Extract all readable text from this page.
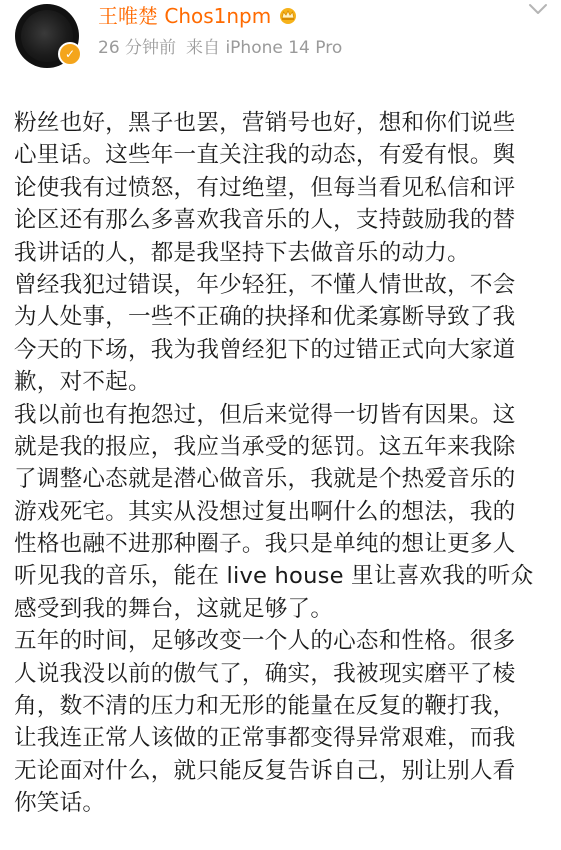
✓
王唯楚 Chos1npm
26 分钟前 来自 iPhone 14 Pro
粉丝也好，黑子也罢，营销号也好，想和你们说些
心里话。这些年一直关注我的动态，有爱有恨。舆
论使我有过愤怒，有过绝望，但每当看见私信和评
论区还有那么多喜欢我音乐的人，支持鼓励我的替
我讲话的人，都是我坚持下去做音乐的动力。
曾经我犯过错误，年少轻狂，不懂人情世故，不会
为人处事，一些不正确的抉择和优柔寡断导致了我
今天的下场，我为我曾经犯下的过错正式向大家道
歉，对不起。
我以前也有抱怨过，但后来觉得一切皆有因果。这
就是我的报应，我应当承受的惩罚。这五年来我除
了调整心态就是潜心做音乐，我就是个热爱音乐的
游戏死宅。其实从没想过复出啊什么的想法，我的
性格也融不进那种圈子。我只是单纯的想让更多人
听见我的音乐，能在 live house 里让喜欢我的听众
感受到我的舞台，这就足够了。
五年的时间，足够改变一个人的心态和性格。很多
人说我没以前的傲气了，确实，我被现实磨平了棱
角，数不清的压力和无形的能量在反复的鞭打我，
让我连正常人该做的正常事都变得异常艰难，而我
无论面对什么，就只能反复告诉自己，别让别人看
你笑话。
